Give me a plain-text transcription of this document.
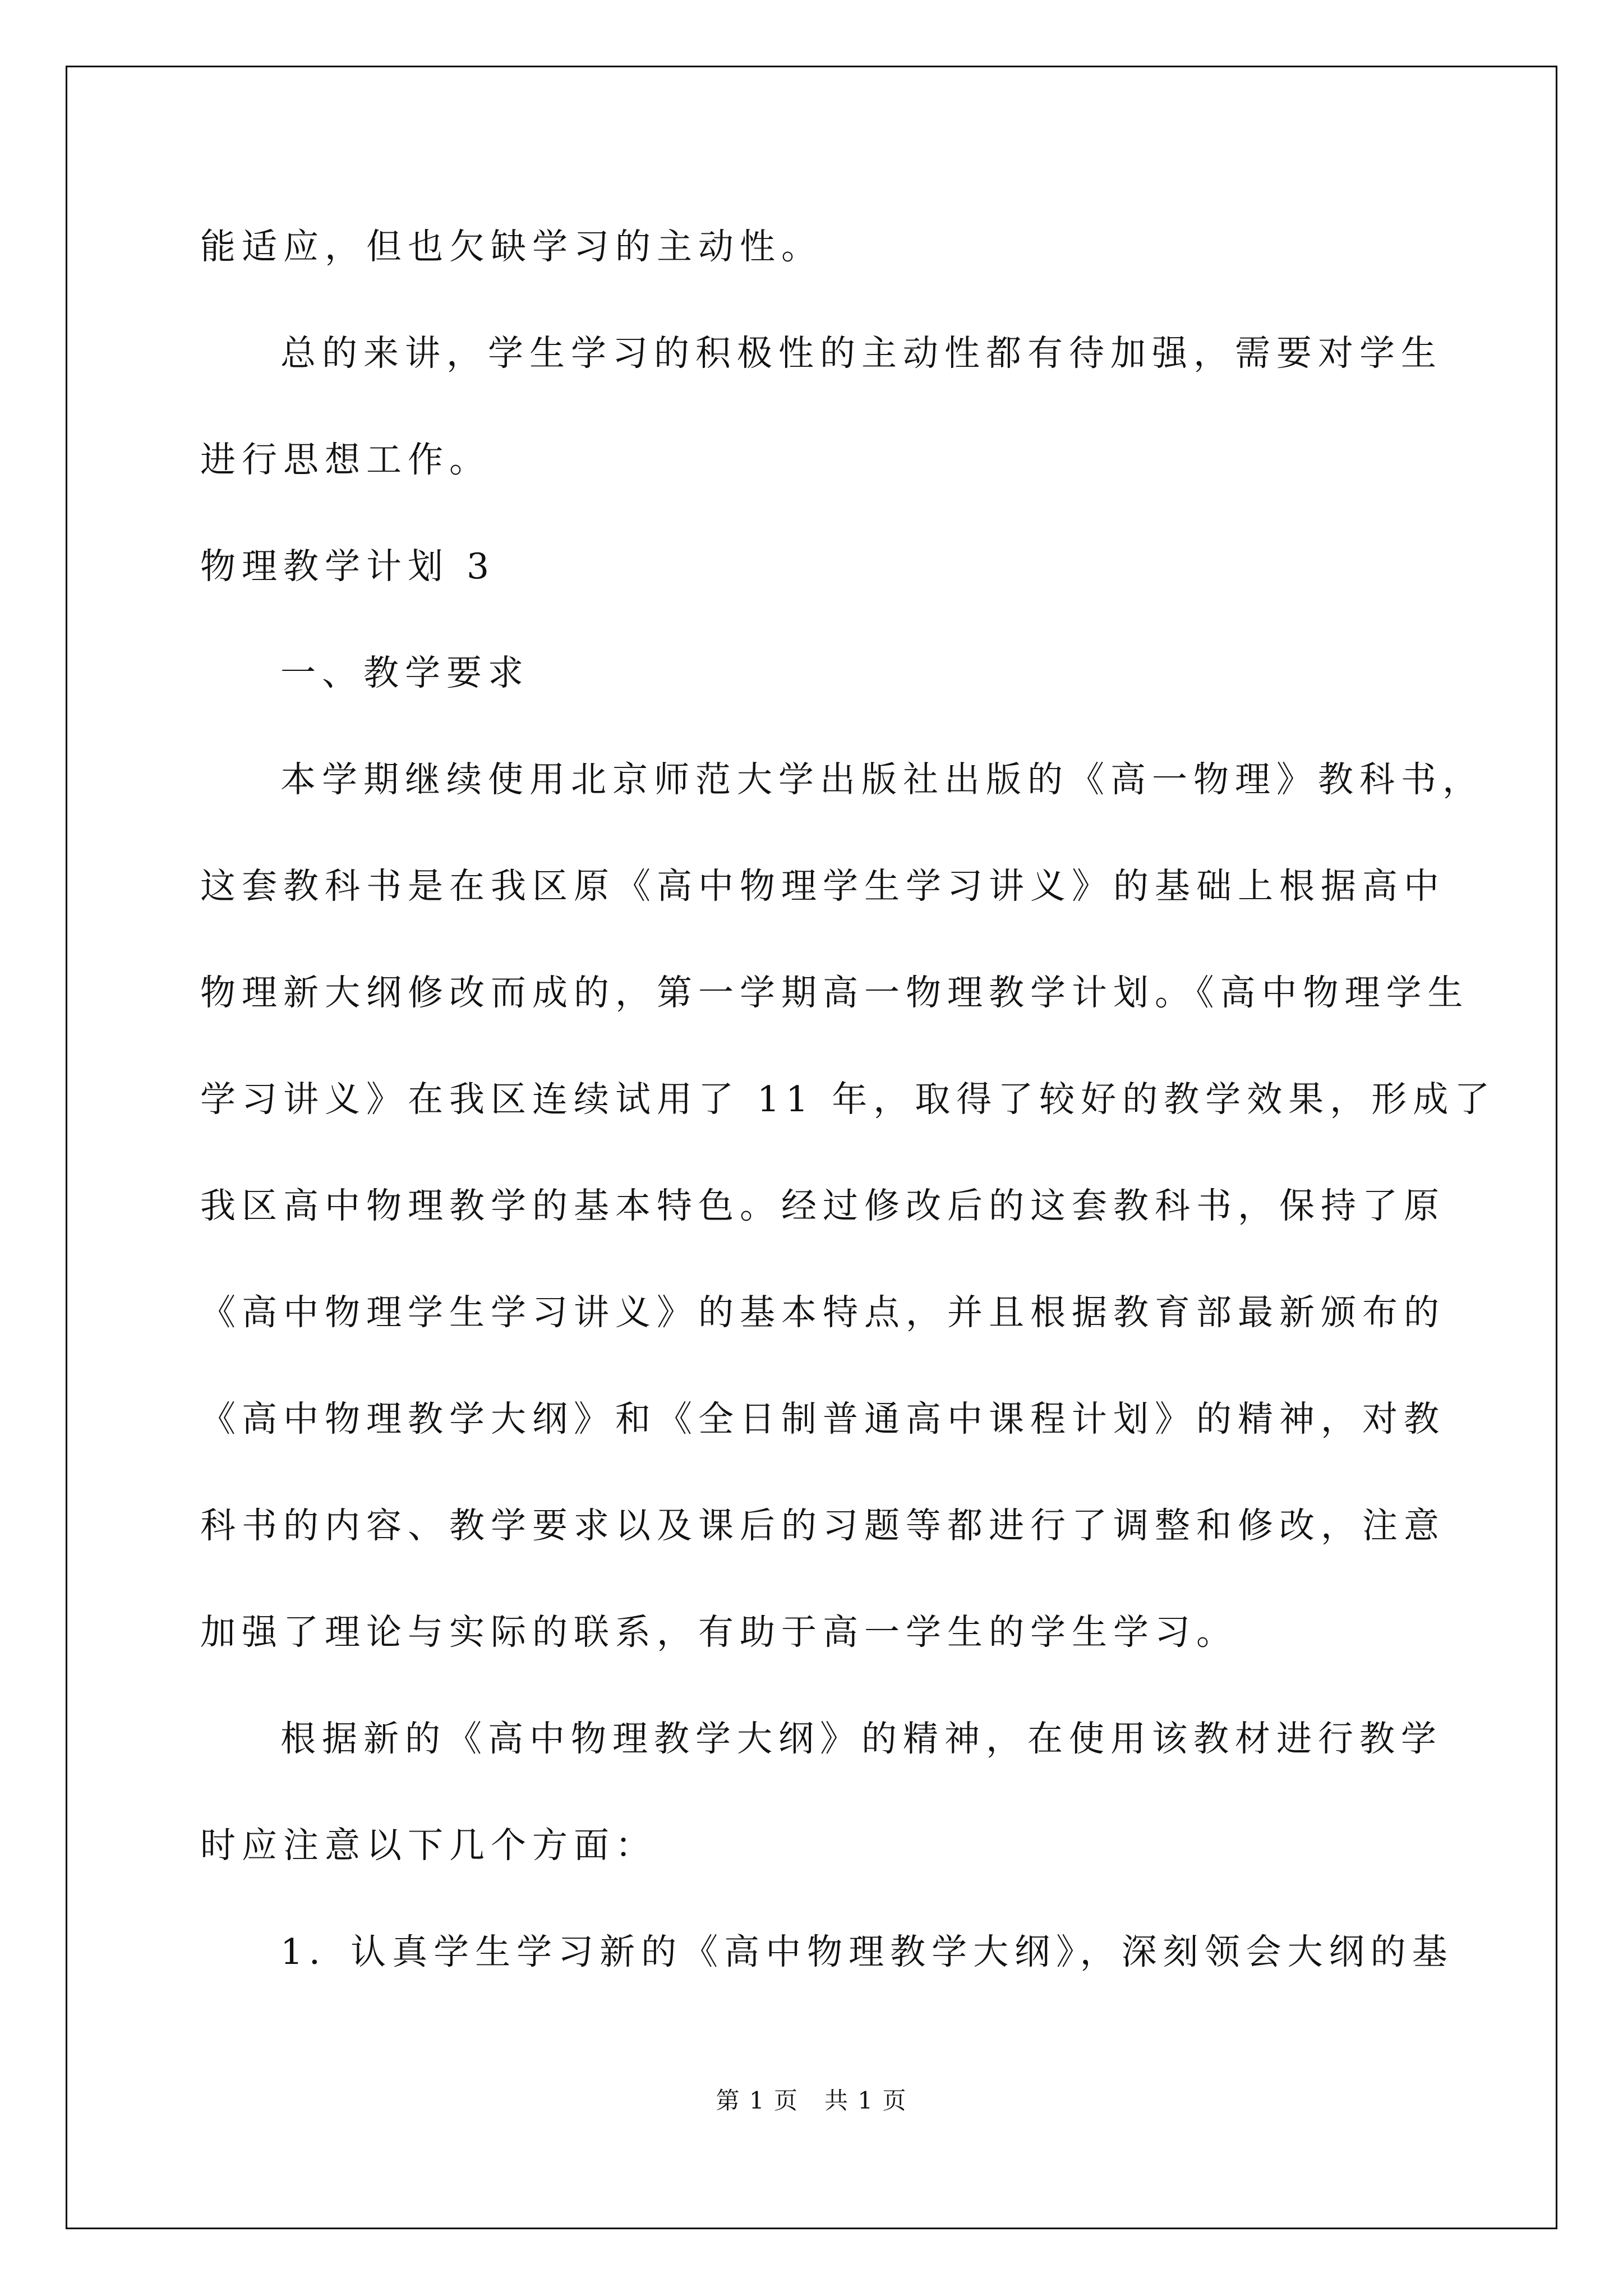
能适应，但也欠缺学习的主动性。

总的来讲，学生学习的积极性的主动性都有待加强，需要对学生

进行思想工作。

物理教学计划 3

一、教学要求

本学期继续使用北京师范大学出版社出版的《高一物理》教科书，

这套教科书是在我区原《高中物理学生学习讲义》的基础上根据高中

物理新大纲修改而成的，第一学期高一物理教学计划。《高中物理学生

学习讲义》在我区连续试用了 11 年，取得了较好的教学效果，形成了

我区高中物理教学的基本特色。经过修改后的这套教科书，保持了原

《高中物理学生学习讲义》的基本特点，并且根据教育部最新颁布的

《高中物理教学大纲》和《全日制普通高中课程计划》的精神，对教

科书的内容、教学要求以及课后的习题等都进行了调整和修改，注意

加强了理论与实际的联系，有助于高一学生的学生学习。

根据新的《高中物理教学大纲》的精神，在使用该教材进行教学

时应注意以下几个方面：

1．认真学生学习新的《高中物理教学大纲》，深刻领会大纲的基

第 1 页   共 1 页
